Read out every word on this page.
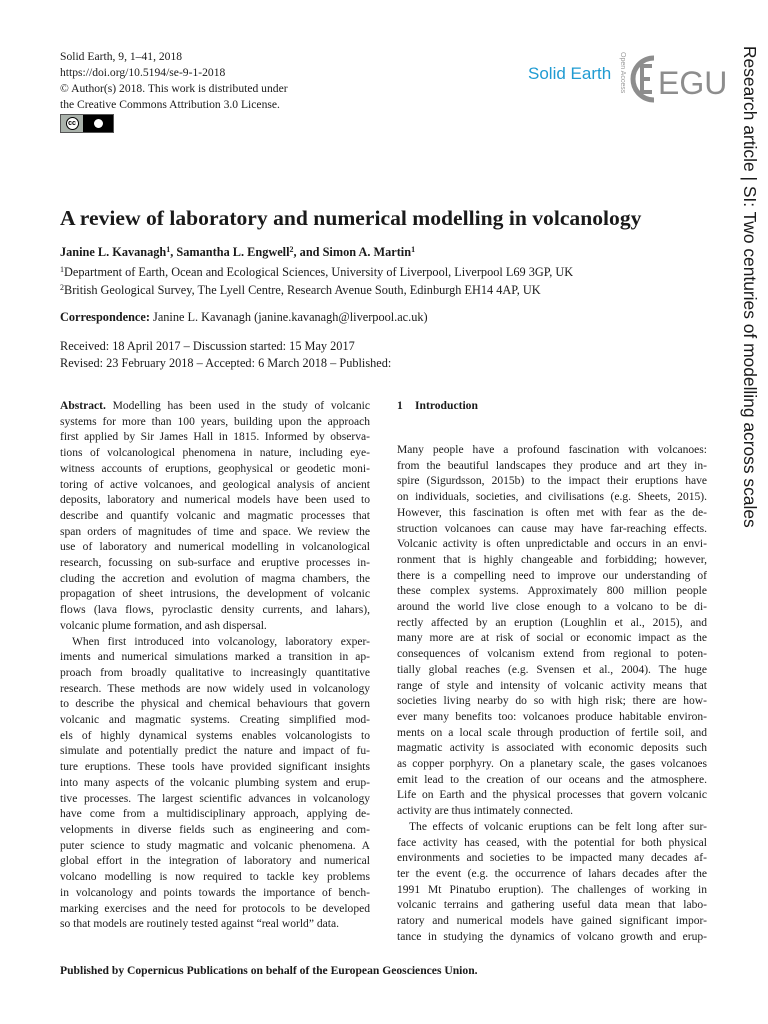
Solid Earth, 9, 1–41, 2018
https://doi.org/10.5194/se-9-1-2018
© Author(s) 2018. This work is distributed under
the Creative Commons Attribution 3.0 License.
cc
Solid Earth Open Access EGU Research article | SI: Two centuries of modelling across scales
A review of laboratory and numerical modelling in volcanology
Janine L. Kavanagh$^1$, Samantha L. Engwell$^2$, and Simon A. Martin$^1$
$^1$Department of Earth, Ocean and Ecological Sciences, University of Liverpool, Liverpool L69 3GP, UK
$^2$British Geological Survey, The Lyell Centre, Research Avenue South, Edinburgh EH14 4AP, UK
Correspondence: Janine L. Kavanagh (janine.kavanagh@liverpool.ac.uk)
Received: 18 April 2017 – Discussion started: 15 May 2017
Revised: 23 February 2018 – Accepted: 6 March 2018 – Published:
Abstract. Modelling has been used in the study of volcanic
systems for more than 100 years, building upon the approach
first applied by Sir James Hall in 1815. Informed by observa-
tions of volcanological phenomena in nature, including eye-
witness accounts of eruptions, geophysical or geodetic moni-
toring of active volcanoes, and geological analysis of ancient
deposits, laboratory and numerical models have been used to
describe and quantify volcanic and magmatic processes that
span orders of magnitudes of time and space. We review the
use of laboratory and numerical modelling in volcanological
research, focussing on sub-surface and eruptive processes in-
cluding the accretion and evolution of magma chambers, the
propagation of sheet intrusions, the development of volcanic
flows (lava flows, pyroclastic density currents, and lahars),
volcanic plume formation, and ash dispersal.
When first introduced into volcanology, laboratory exper-
iments and numerical simulations marked a transition in ap-
proach from broadly qualitative to increasingly quantitative
research. These methods are now widely used in volcanology
to describe the physical and chemical behaviours that govern
volcanic and magmatic systems. Creating simplified mod-
els of highly dynamical systems enables volcanologists to
simulate and potentially predict the nature and impact of fu-
ture eruptions. These tools have provided significant insights
into many aspects of the volcanic plumbing system and erup-
tive processes. The largest scientific advances in volcanology
have come from a multidisciplinary approach, applying de-
velopments in diverse fields such as engineering and com-
puter science to study magmatic and volcanic phenomena. A
global effort in the integration of laboratory and numerical
volcano modelling is now required to tackle key problems
in volcanology and points towards the importance of bench-
marking exercises and the need for protocols to be developed
so that models are routinely tested against “real world” data.
1 Introduction
Many people have a profound fascination with volcanoes:
from the beautiful landscapes they produce and art they in-
spire (Sigurdsson, 2015b) to the impact their eruptions have
on individuals, societies, and civilisations (e.g. Sheets, 2015).
However, this fascination is often met with fear as the de-
struction volcanoes can cause may have far-reaching effects.
Volcanic activity is often unpredictable and occurs in an envi-
ronment that is highly changeable and forbidding; however,
there is a compelling need to improve our understanding of
these complex systems. Approximately 800 million people
around the world live close enough to a volcano to be di-
rectly affected by an eruption (Loughlin et al., 2015), and
many more are at risk of social or economic impact as the
consequences of volcanism extend from regional to poten-
tially global reaches (e.g. Svensen et al., 2004). The huge
range of style and intensity of volcanic activity means that
societies living nearby do so with high risk; there are how-
ever many benefits too: volcanoes produce habitable environ-
ments on a local scale through production of fertile soil, and
magmatic activity is associated with economic deposits such
as copper porphyry. On a planetary scale, the gases volcanoes
emit lead to the creation of our oceans and the atmosphere.
Life on Earth and the physical processes that govern volcanic
activity are thus intimately connected.
The effects of volcanic eruptions can be felt long after sur-
face activity has ceased, with the potential for both physical
environments and societies to be impacted many decades af-
ter the event (e.g. the occurrence of lahars decades after the
1991 Mt Pinatubo eruption). The challenges of working in
volcanic terrains and gathering useful data mean that labo-
ratory and numerical models have gained significant impor-
tance in studying the dynamics of volcano growth and erup-
Published by Copernicus Publications on behalf of the European Geosciences Union.
